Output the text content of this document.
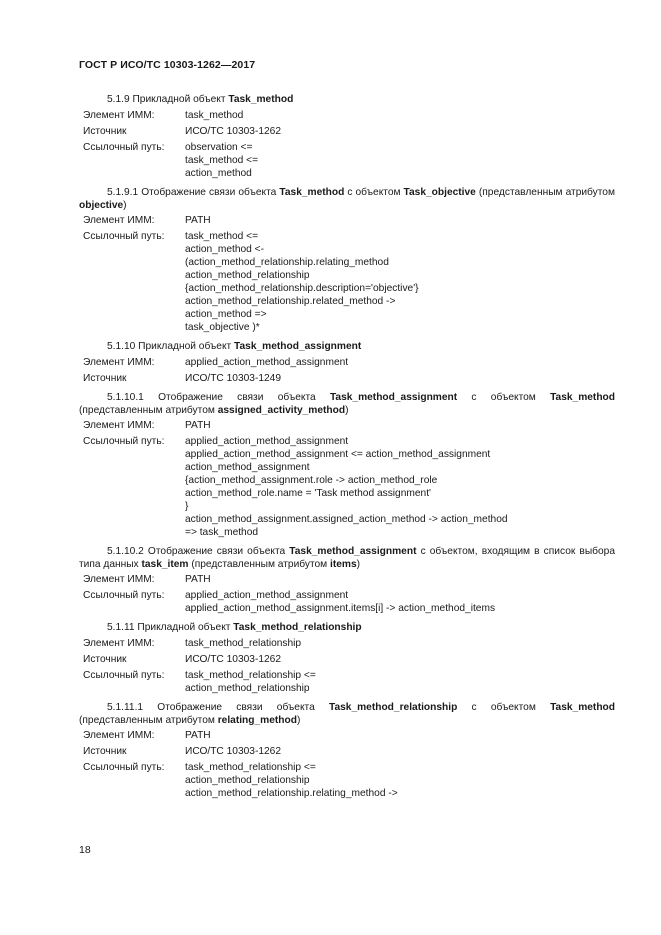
ГОСТ Р ИСО/ТС 10303-1262—2017
5.1.9 Прикладной объект Task_method
Элемент ИММ:	task_method
Источник	ИСО/ТС 10303-1262
Ссылочный путь:	observation <=
task_method <=
action_method
5.1.9.1 Отображение связи объекта Task_method с объектом Task_objective (представленным атрибутом objective)
Элемент ИММ:	PATH
Ссылочный путь:	task_method <=
action_method <-
(action_method_relationship.relating_method
action_method_relationship
{action_method_relationship.description='objective'}
action_method_relationship.related_method ->
action_method =>
task_objective )*
5.1.10 Прикладной объект Task_method_assignment
Элемент ИММ:	applied_action_method_assignment
Источник	ИСО/ТС 10303-1249
5.1.10.1 Отображение связи объекта Task_method_assignment с объектом Task_method (представленным атрибутом assigned_activity_method)
Элемент ИММ:	PATH
Ссылочный путь:	applied_action_method_assignment
applied_action_method_assignment <= action_method_assignment
action_method_assignment
{action_method_assignment.role -> action_method_role
action_method_role.name = 'Task method assignment'
}
action_method_assignment.assigned_action_method -> action_method
=> task_method
5.1.10.2 Отображение связи объекта Task_method_assignment с объектом, входящим в список выбора типа данных task_item (представленным атрибутом items)
Элемент ИММ:	PATH
Ссылочный путь:	applied_action_method_assignment
applied_action_method_assignment.items[i] -> action_method_items
5.1.11 Прикладной объект Task_method_relationship
Элемент ИММ:	task_method_relationship
Источник	ИСО/ТС 10303-1262
Ссылочный путь:	task_method_relationship <=
action_method_relationship
5.1.11.1 Отображение связи объекта Task_method_relationship с объектом Task_method (представленным атрибутом relating_method)
Элемент ИММ:	PATH
Источник	ИСО/ТС 10303-1262
Ссылочный путь:	task_method_relationship <=
action_method_relationship
action_method_relationship.relating_method ->
18
